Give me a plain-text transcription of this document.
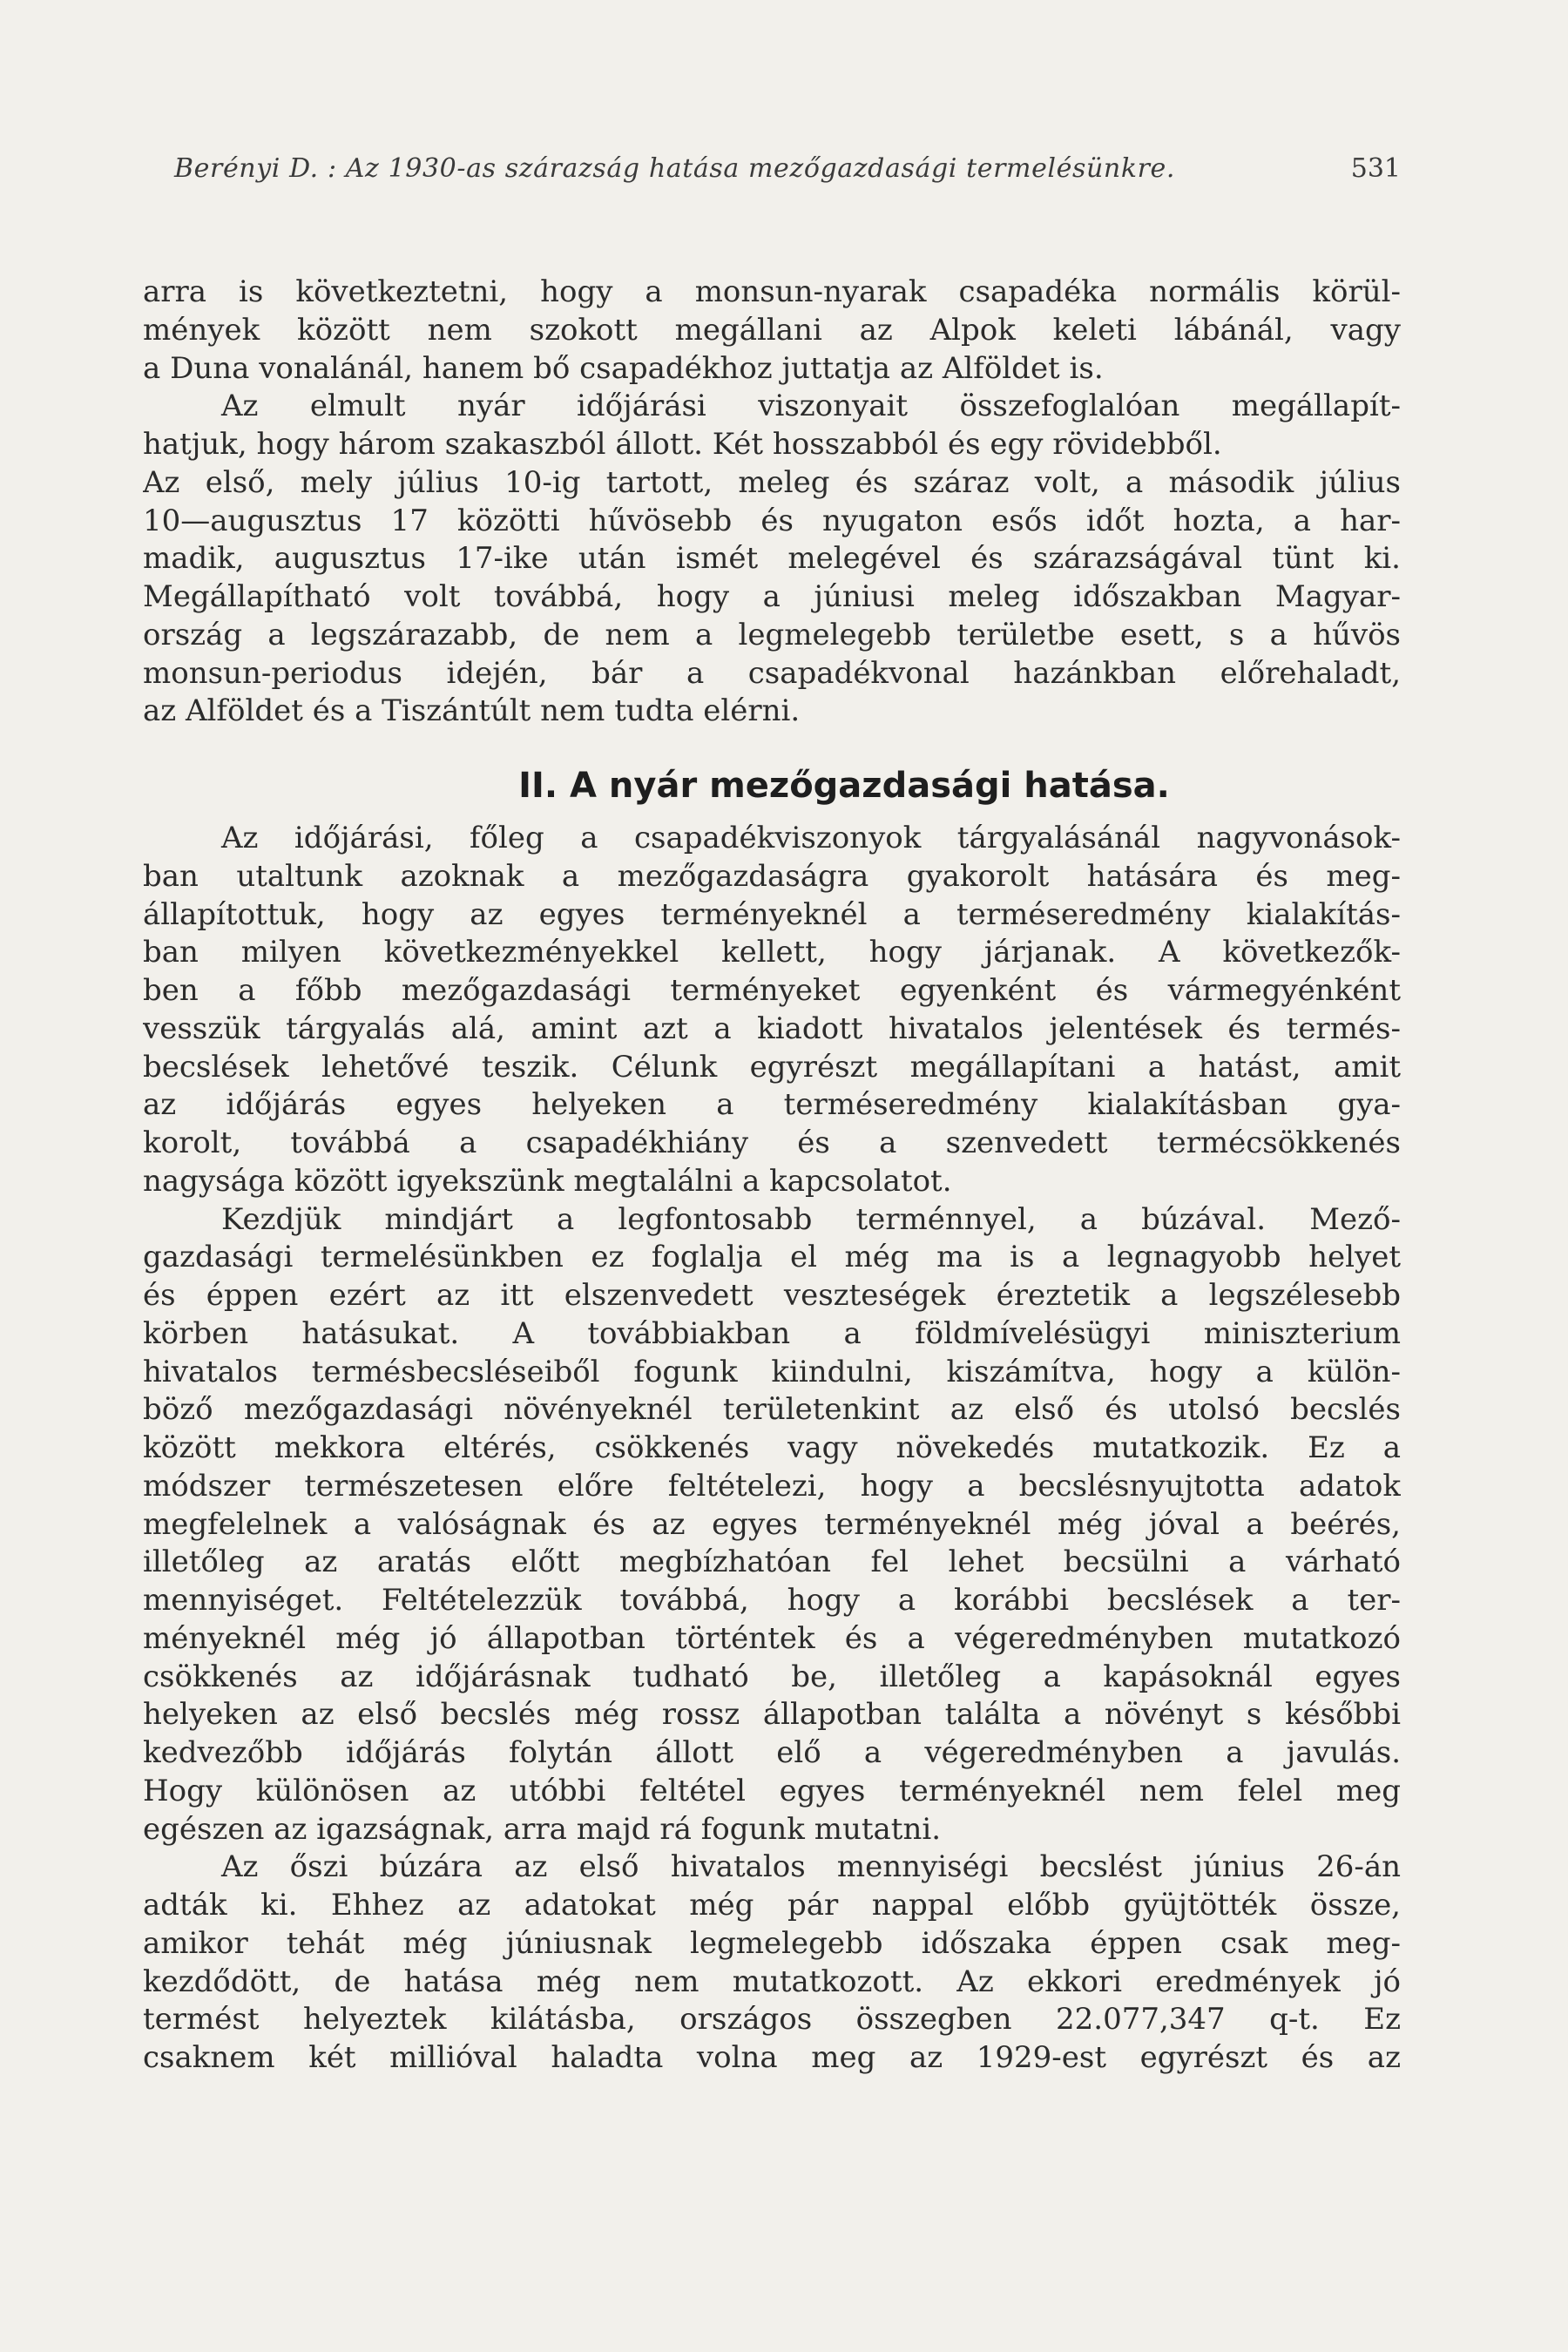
Berényi D. : Az 1930-as szárazság hatása mezőgazdasági termelésünkre.	531
arra is következtetni, hogy a monsun-nyarak csapadéka normális körül-
mények között nem szokott megállani az Alpok keleti lábánál, vagy
a Duna vonalánál, hanem bő csapadékhoz juttatja az Alföldet is.
Az elmult nyár időjárási viszonyait összefoglalóan megállapít-
hatjuk, hogy három szakaszból állott. Két hosszabból és egy rövidebből.
Az első, mely július 10-ig tartott, meleg és száraz volt, a második július
10—augusztus 17 közötti hűvösebb és nyugaton esős időt hozta, a har-
madik, augusztus 17-ike után ismét melegével és szárazságával tünt ki.
Megállapítható volt továbbá, hogy a júniusi meleg időszakban Magyar-
ország a legszárazabb, de nem a legmelegebb területbe esett, s a hűvös
monsun-periodus idején, bár a csapadékvonal hazánkban előrehaladt,
az Alföldet és a Tiszántúlt nem tudta elérni.
II. A nyár mezőgazdasági hatása.
Az időjárási, főleg a csapadékviszonyok tárgyalásánál nagyvonások-
ban utaltunk azoknak a mezőgazdaságra gyakorolt hatására és meg-
állapítottuk, hogy az egyes terményeknél a terméseredmény kialakítás-
ban milyen következményekkel kellett, hogy járjanak. A következők-
ben a főbb mezőgazdasági terményeket egyenként és vármegyénként
vesszük tárgyalás alá, amint azt a kiadott hivatalos jelentések és termés-
becslések lehetővé teszik. Célunk egyrészt megállapítani a hatást, amit
az időjárás egyes helyeken a terméseredmény kialakításban gya-
korolt, továbbá a csapadékhiány és a szenvedett termécsökkenés
nagysága között igyekszünk megtalálni a kapcsolatot.
Kezdjük mindjárt a legfontosabb terménnyel, a búzával. Mező-
gazdasági termelésünkben ez foglalja el még ma is a legnagyobb helyet
és éppen ezért az itt elszenvedett veszteségek éreztetik a legszélesebb
körben hatásukat. A továbbiakban a földmívelésügyi miniszterium
hivatalos termésbecsléseiből fogunk kiindulni, kiszámítva, hogy a külön-
böző mezőgazdasági növényeknél területenkint az első és utolsó becslés
között mekkora eltérés, csökkenés vagy növekedés mutatkozik. Ez a
módszer természetesen előre feltételezi, hogy a becslésnyujtotta adatok
megfelelnek a valóságnak és az egyes terményeknél még jóval a beérés,
illetőleg az aratás előtt megbízhatóan fel lehet becsülni a várható
mennyiséget. Feltételezzük továbbá, hogy a korábbi becslések a ter-
ményeknél még jó állapotban történtek és a végeredményben mutatkozó
csökkenés az időjárásnak tudható be, illetőleg a kapásoknál egyes
helyeken az első becslés még rossz állapotban találta a növényt s későbbi
kedvezőbb időjárás folytán állott elő a végeredményben a javulás.
Hogy különösen az utóbbi feltétel egyes terményeknél nem felel meg
egészen az igazságnak, arra majd rá fogunk mutatni.
Az őszi búzára az első hivatalos mennyiségi becslést június 26-án
adták ki. Ehhez az adatokat még pár nappal előbb gyüjtötték össze,
amikor tehát még júniusnak legmelegebb időszaka éppen csak meg-
kezdődött, de hatása még nem mutatkozott. Az ekkori eredmények jó
termést helyeztek kilátásba, országos összegben 22.077,347 q-t. Ez
csaknem két millióval haladta volna meg az 1929-est egyrészt és az
